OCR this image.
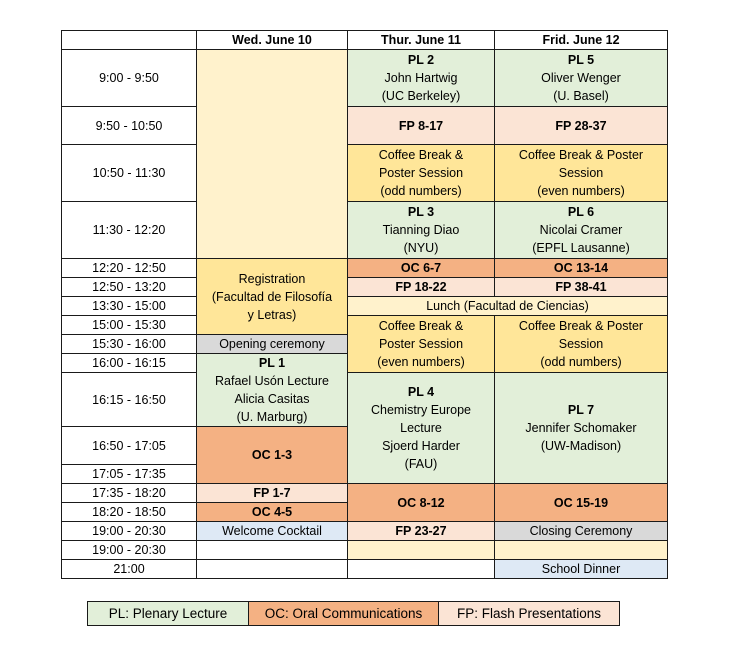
	Wed. June 10	Thur. June 11	Frid. June 12
9:00 - 9:50		PL 2
John Hartwig
(UC Berkeley)	PL 5
Oliver Wenger
(U. Basel)
9:50 - 10:50		FP 8-17	FP 28-37
10:50 - 11:30		Coffee Break &
Poster Session
(odd numbers)	Coffee Break & Poster
Session
(even numbers)
11:30 - 12:20		PL 3
Tianning Diao
(NYU)	PL 6
Nicolai Cramer
(EPFL Lausanne)
12:20 - 12:50	Registration
(Facultad de Filosofía
y Letras)	OC 6-7	OC 13-14
12:50 - 13:20		FP 18-22	FP 38-41
13:30 - 15:00		Lunch (Facultad de Ciencias)	
15:00 - 15:30		Coffee Break &
Poster Session
(even numbers)	Coffee Break & Poster
Session
(odd numbers)
15:30 - 16:00	Opening ceremony		
16:00 - 16:15	PL 1
Rafael Usón Lecture
Alicia Casitas
(U. Marburg)		
16:15 - 16:50		PL 4
Chemistry Europe
Lecture
Sjoerd Harder
(FAU)	PL 7
Jennifer Schomaker
(UW-Madison)

16:50 - 17:05	OC 1-3		
17:05 - 17:35			
17:35 - 18:20	FP 1-7	OC 8-12	OC 15-19
18:20 - 18:50	OC 4-5		
19:00 - 20:30	Welcome Cocktail	FP 23-27	Closing Ceremony
19:00 - 20:30			
21:00			School Dinner
PL: Plenary Lecture	OC: Oral Communications	FP: Flash Presentations
